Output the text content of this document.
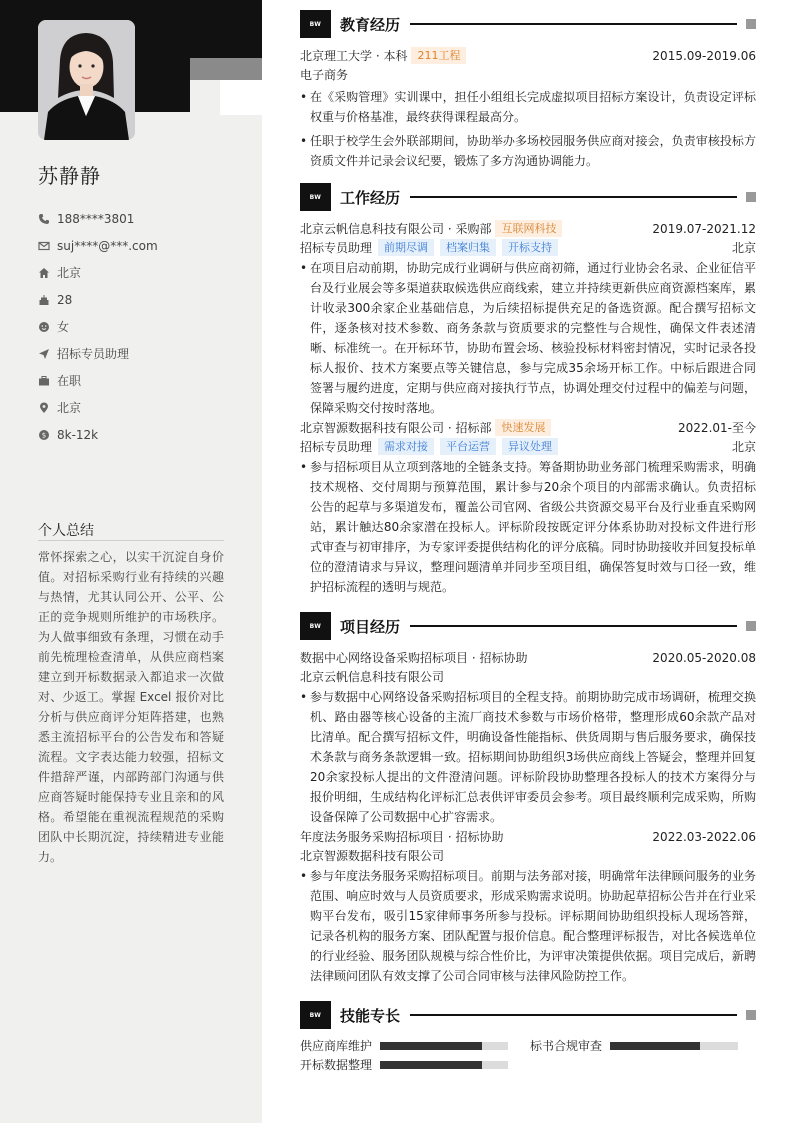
苏静静
188****3801
suj****@***.com
北京
28
女
招标专员助理
在职
北京
$ 8k-12k
个人总结
常怀探索之心，以实干沉淀自身价值。对招标采购行业有持续的兴趣与热情，尤其认同公开、公平、公正的竞争规则所维护的市场秩序。为人做事细致有条理，习惯在动手前先梳理检查清单，从供应商档案建立到开标数据录入都追求一次做对、少返工。掌握 Excel 报价对比分析与供应商评分矩阵搭建，也熟悉主流招标平台的公告发布和答疑流程。文字表达能力较强，招标文件措辞严谨，内部跨部门沟通与供应商答疑时能保持专业且亲和的风格。希望能在重视流程规范的采购团队中长期沉淀，持续精进专业能力。
BW	教育经历
北京理工大学 · 本科 211工程	2015.09-2019.06
电子商务
• 在《采购管理》实训课中，担任小组组长完成虚拟项目招标方案设计，负责设定评标权重与价格基准，最终获得课程最高分。
• 任职于校学生会外联部期间，协助举办多场校园服务供应商对接会，负责审核投标方资质文件并记录会议纪要，锻炼了多方沟通协调能力。
BW	工作经历
北京云帆信息科技有限公司 · 采购部 互联网科技	2019.07-2021.12
招标专员助理	前期尽调	档案归集	开标支持	北京
• 在项目启动前期，协助完成行业调研与供应商初筛，通过行业协会名录、企业征信平台及行业展会等多渠道获取候选供应商线索，建立并持续更新供应商资源档案库，累计收录300余家企业基础信息，为后续招标提供充足的备选资源。配合撰写招标文件，逐条核对技术参数、商务条款与资质要求的完整性与合规性，确保文件表述清晰、标准统一。在开标环节，协助布置会场、核验投标材料密封情况，实时记录各投标人报价、技术方案要点等关键信息，参与完成35余场开标工作。中标后跟进合同签署与履约进度，定期与供应商对接执行节点，协调处理交付过程中的偏差与问题，保障采购交付按时落地。
北京智源数据科技有限公司 · 招标部 快速发展	2022.01-至今
招标专员助理	需求对接	平台运营	异议处理	北京
• 参与招标项目从立项到落地的全链条支持。筹备期协助业务部门梳理采购需求，明确技术规格、交付周期与预算范围，累计参与20余个项目的内部需求确认。负责招标公告的起草与多渠道发布，覆盖公司官网、省级公共资源交易平台及行业垂直采购网站，累计触达80余家潜在投标人。评标阶段按既定评分体系协助对投标文件进行形式审查与初审排序，为专家评委提供结构化的评分底稿。同时协助接收并回复投标单位的澄清请求与异议，整理问题清单并同步至项目组，确保答复时效与口径一致，维护招标流程的透明与规范。
BW	项目经历
数据中心网络设备采购招标项目 · 招标协助	2020.05-2020.08
北京云帆信息科技有限公司
• 参与数据中心网络设备采购招标项目的全程支持。前期协助完成市场调研，梳理交换机、路由器等核心设备的主流厂商技术参数与市场价格带，整理形成60余款产品对比清单。配合撰写招标文件，明确设备性能指标、供货周期与售后服务要求，确保技术条款与商务条款逻辑一致。招标期间协助组织3场供应商线上答疑会，整理并回复20余家投标人提出的文件澄清问题。评标阶段协助整理各投标人的技术方案得分与报价明细，生成结构化评标汇总表供评审委员会参考。项目最终顺利完成采购，所购设备保障了公司数据中心扩容需求。
年度法务服务采购招标项目 · 招标协助	2022.03-2022.06
北京智源数据科技有限公司
• 参与年度法务服务采购招标项目。前期与法务部对接，明确常年法律顾问服务的业务范围、响应时效与人员资质要求，形成采购需求说明。协助起草招标公告并在行业采购平台发布，吸引15家律师事务所参与投标。评标期间协助组织投标人现场答辩，记录各机构的服务方案、团队配置与报价信息。配合整理评标报告，对比各候选单位的行业经验、服务团队规模与综合性价比，为评审决策提供依据。项目完成后，新聘法律顾问团队有效支撑了公司合同审核与法律风险防控工作。
BW	技能专长
供应商库维护	标书合规审查
开标数据整理
